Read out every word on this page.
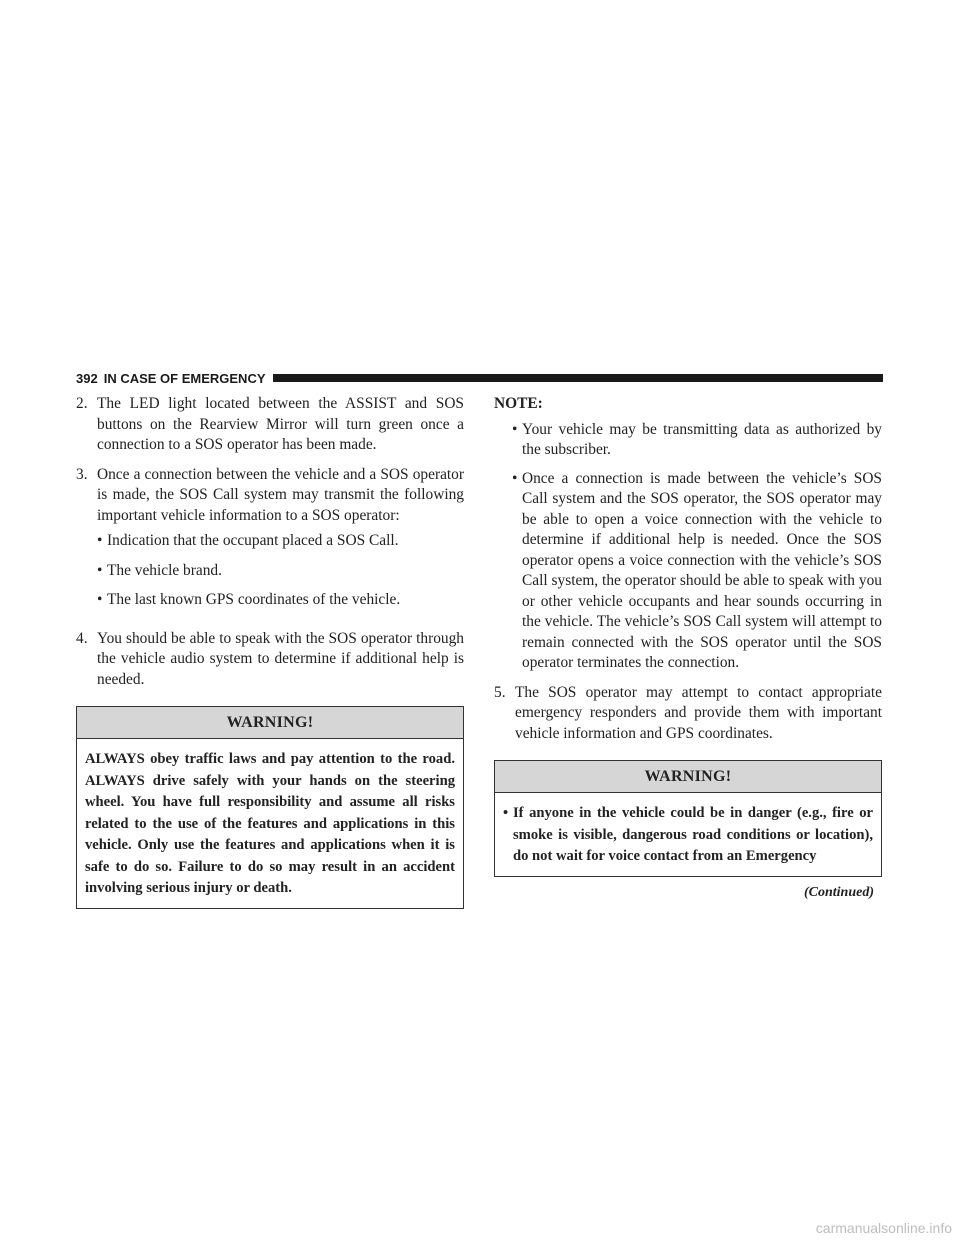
392 IN CASE OF EMERGENCY
2. The LED light located between the ASSIST and SOS buttons on the Rearview Mirror will turn green once a connection to a SOS operator has been made.
3. Once a connection between the vehicle and a SOS operator is made, the SOS Call system may transmit the following important vehicle information to a SOS operator:
• Indication that the occupant placed a SOS Call.
• The vehicle brand.
• The last known GPS coordinates of the vehicle.
4. You should be able to speak with the SOS operator through the vehicle audio system to determine if additional help is needed.
WARNING!
ALWAYS obey traffic laws and pay attention to the road. ALWAYS drive safely with your hands on the steering wheel. You have full responsibility and assume all risks related to the use of the features and applications in this vehicle. Only use the features and applications when it is safe to do so. Failure to do so may result in an accident involving serious injury or death.
NOTE:
• Your vehicle may be transmitting data as authorized by the subscriber.
• Once a connection is made between the vehicle’s SOS Call system and the SOS operator, the SOS operator may be able to open a voice connection with the vehicle to determine if additional help is needed. Once the SOS operator opens a voice connection with the vehicle’s SOS Call system, the operator should be able to speak with you or other vehicle occupants and hear sounds occurring in the vehicle. The vehicle’s SOS Call system will attempt to remain connected with the SOS operator until the SOS operator terminates the connection.
5. The SOS operator may attempt to contact appropriate emergency responders and provide them with important vehicle information and GPS coordinates.
WARNING!
• If anyone in the vehicle could be in danger (e.g., fire or smoke is visible, dangerous road conditions or location), do not wait for voice contact from an Emergency
(Continued)
carmanualsonline.info
